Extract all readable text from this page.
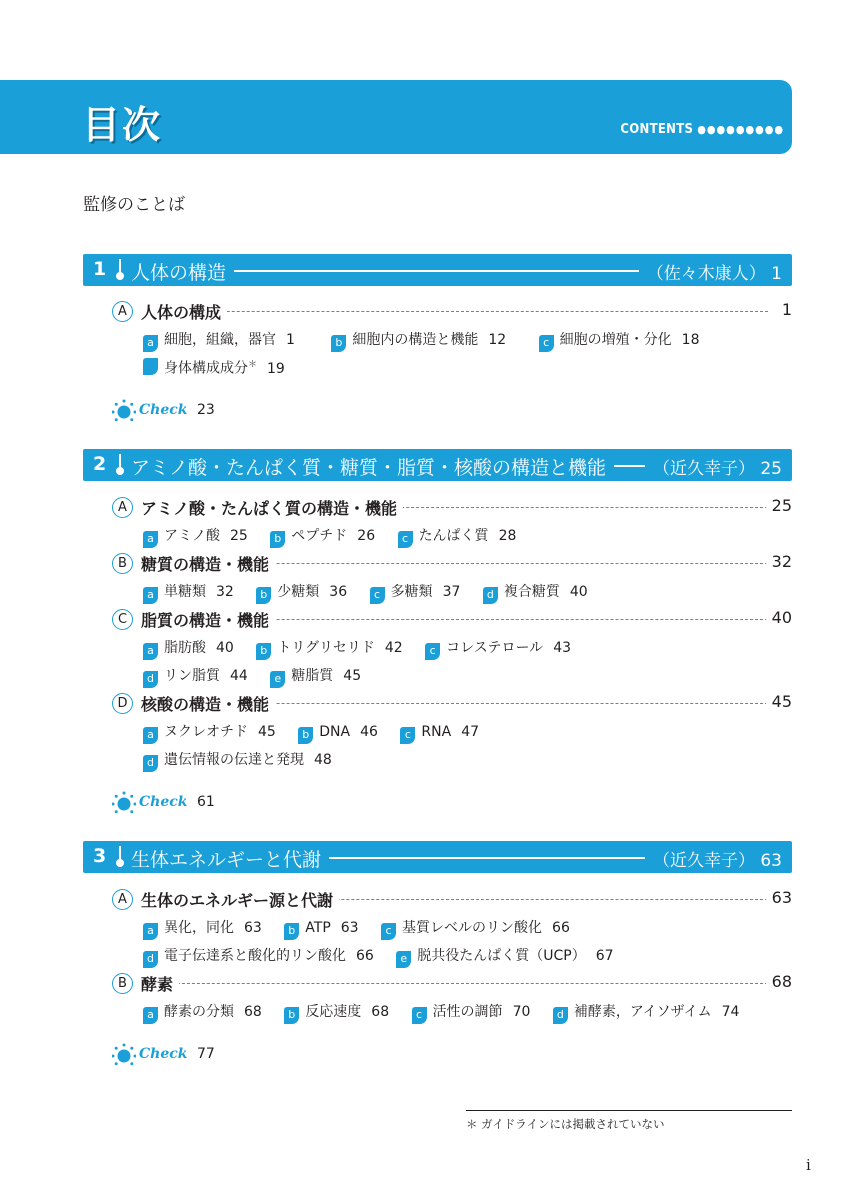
目次	CONTENTS ●●●●●●●●●
監修のことば
1 人体の構造	（佐々木康人） 1
A 人体の構成	1
a 細胞，組織，器官 1	b 細胞内の構造と機能 12	c 細胞の増殖・分化 18
身体構成成分＊ 19
Check 23
2 アミノ酸・たんぱく質・糖質・脂質・核酸の構造と機能	（近久幸子） 25
A アミノ酸・たんぱく質の構造・機能	25
a アミノ酸 25 b ペプチド 26 c たんぱく質 28
B 糖質の構造・機能	32
a 単糖類 32 b 少糖類 36 c 多糖類 37 d 複合糖質 40
C 脂質の構造・機能	40
a 脂肪酸 40 b トリグリセリド 42 c コレステロール 43
d リン脂質 44 e 糖脂質 45
D 核酸の構造・機能	45
a ヌクレオチド 45 b DNA 46 c RNA 47
d 遺伝情報の伝達と発現 48
Check 61
3 生体エネルギーと代謝	（近久幸子） 63
A 生体のエネルギー源と代謝	63
a 異化，同化 63 b ATP 63 c 基質レベルのリン酸化 66
d 電子伝達系と酸化的リン酸化 66 e 脱共役たんぱく質（UCP） 67
B 酵素	68
a 酵素の分類 68 b 反応速度 68 c 活性の調節 70 d 補酵素，アイソザイム 74
Check 77
＊ ガイドラインには掲載されていない
i
